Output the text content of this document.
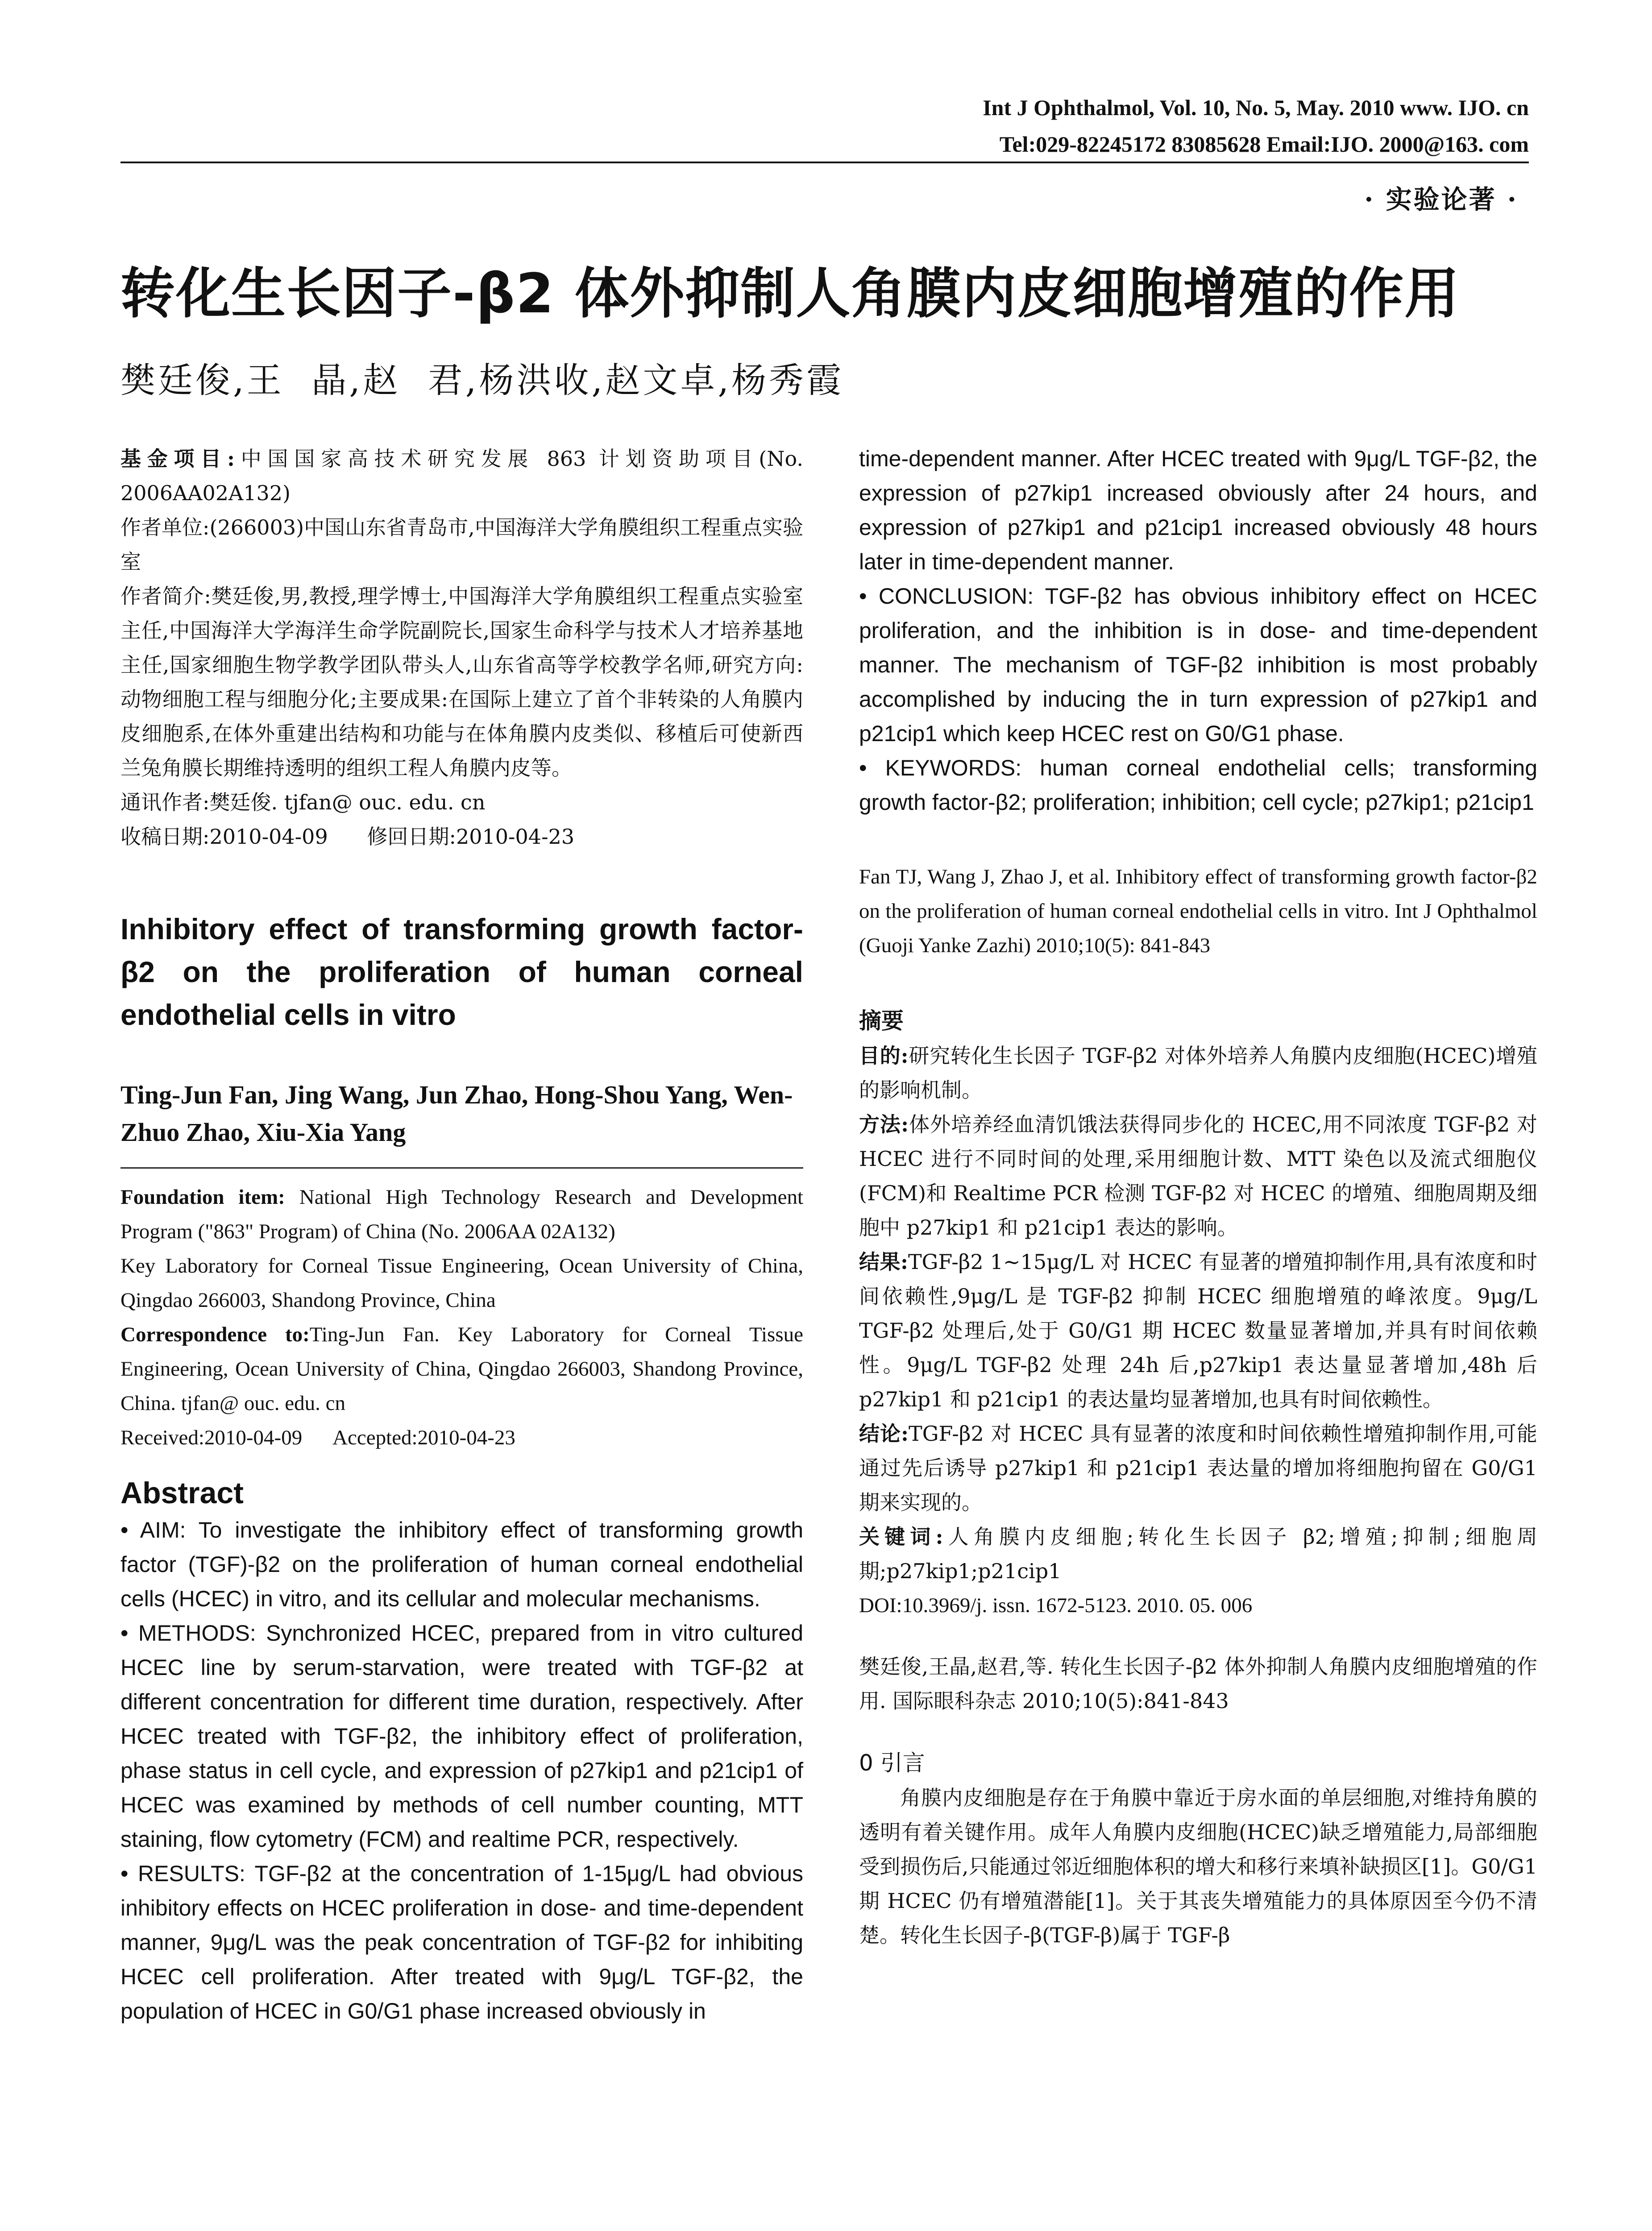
Int J Ophthalmol, Vol. 10, No. 5, May. 2010 www. IJO. cn
Tel:029-82245172 83085628 Email:IJO. 2000@163. com
· 实验论著 ·
转化生长因子-β2 体外抑制人角膜内皮细胞增殖的作用
樊廷俊,王  晶,赵  君,杨洪收,赵文卓,杨秀霞

基金项目:中国国家高技术研究发展 863 计划资助项目(No. 2006AA02A132)

作者单位:(266003)中国山东省青岛市,中国海洋大学角膜组织工程重点实验室

作者简介:樊廷俊,男,教授,理学博士,中国海洋大学角膜组织工程重点实验室主任,中国海洋大学海洋生命学院副院长,国家生命科学与技术人才培养基地主任,国家细胞生物学教学团队带头人,山东省高等学校教学名师,研究方向:动物细胞工程与细胞分化;主要成果:在国际上建立了首个非转染的人角膜内皮细胞系,在体外重建出结构和功能与在体角膜内皮类似、移植后可使新西兰兔角膜长期维持透明的组织工程人角膜内皮等。

通讯作者:樊廷俊. tjfan@ ouc. edu. cn

收稿日期:2010-04-09      修回日期:2010-04-23

Inhibitory effect of transforming growth factor-β2 on the proliferation of human corneal endothelial cells in vitro

Ting-Jun Fan, Jing Wang, Jun Zhao, Hong-Shou Yang, Wen-Zhuo Zhao, Xiu-Xia Yang

Foundation item: National High Technology Research and Development Program ("863" Program) of China (No. 2006AA 02A132)

Key Laboratory for Corneal Tissue Engineering, Ocean University of China, Qingdao 266003, Shandong Province, China

Correspondence to:Ting-Jun Fan. Key Laboratory for Corneal Tissue Engineering, Ocean University of China, Qingdao 266003, Shandong Province, China. tjfan@ ouc. edu. cn

Received:2010-04-09      Accepted:2010-04-23

Abstract

• AIM: To investigate the inhibitory effect of transforming growth factor (TGF)-β2 on the proliferation of human corneal endothelial cells (HCEC) in vitro, and its cellular and molecular mechanisms.

• METHODS: Synchronized HCEC, prepared from in vitro cultured HCEC line by serum-starvation, were treated with TGF-β2 at different concentration for different time duration, respectively. After HCEC treated with TGF-β2, the inhibitory effect of proliferation, phase status in cell cycle, and expression of p27kip1 and p21cip1 of HCEC was examined by methods of cell number counting, MTT staining, flow cytometry (FCM) and realtime PCR, respectively.

• RESULTS: TGF-β2 at the concentration of 1-15μg/L had obvious inhibitory effects on HCEC proliferation in dose- and time-dependent manner, 9μg/L was the peak concentration of TGF-β2 for inhibiting HCEC cell proliferation. After treated with 9μg/L TGF-β2, the population of HCEC in G0/G1 phase increased obviously in

time-dependent manner. After HCEC treated with 9μg/L TGF-β2, the expression of p27kip1 increased obviously after 24 hours, and expression of p27kip1 and p21cip1 increased obviously 48 hours later in time-dependent manner.

• CONCLUSION: TGF-β2 has obvious inhibitory effect on HCEC proliferation, and the inhibition is in dose- and time-dependent manner. The mechanism of TGF-β2 inhibition is most probably accomplished by inducing the in turn expression of p27kip1 and p21cip1 which keep HCEC rest on G0/G1 phase.

• KEYWORDS: human corneal endothelial cells; transforming growth factor-β2; proliferation; inhibition; cell cycle; p27kip1; p21cip1

Fan TJ, Wang J, Zhao J, et al. Inhibitory effect of transforming growth factor-β2 on the proliferation of human corneal endothelial cells in vitro. Int J Ophthalmol (Guoji Yanke Zazhi) 2010;10(5): 841-843

摘要

目的:研究转化生长因子 TGF-β2 对体外培养人角膜内皮细胞(HCEC)增殖的影响机制。

方法:体外培养经血清饥饿法获得同步化的 HCEC,用不同浓度 TGF-β2 对 HCEC 进行不同时间的处理,采用细胞计数、MTT 染色以及流式细胞仪(FCM)和 Realtime PCR 检测 TGF-β2 对 HCEC 的增殖、细胞周期及细胞中 p27kip1 和 p21cip1 表达的影响。

结果:TGF-β2 1~15μg/L 对 HCEC 有显著的增殖抑制作用,具有浓度和时间依赖性,9μg/L 是 TGF-β2 抑制 HCEC 细胞增殖的峰浓度。9μg/L TGF-β2 处理后,处于 G0/G1 期 HCEC 数量显著增加,并具有时间依赖性。9μg/L TGF-β2 处理 24h 后,p27kip1 表达量显著增加,48h 后 p27kip1 和 p21cip1 的表达量均显著增加,也具有时间依赖性。

结论:TGF-β2 对 HCEC 具有显著的浓度和时间依赖性增殖抑制作用,可能通过先后诱导 p27kip1 和 p21cip1 表达量的增加将细胞拘留在 G0/G1 期来实现的。

关键词:人角膜内皮细胞;转化生长因子 β2;增殖;抑制;细胞周期;p27kip1;p21cip1

DOI:10.3969/j. issn. 1672-5123. 2010. 05. 006

樊廷俊,王晶,赵君,等. 转化生长因子-β2 体外抑制人角膜内皮细胞增殖的作用. 国际眼科杂志 2010;10(5):841-843

0 引言

角膜内皮细胞是存在于角膜中靠近于房水面的单层细胞,对维持角膜的透明有着关键作用。成年人角膜内皮细胞(HCEC)缺乏增殖能力,局部细胞受到损伤后,只能通过邻近细胞体积的增大和移行来填补缺损区[1]。G0/G1 期 HCEC 仍有增殖潜能[1]。关于其丧失增殖能力的具体原因至今仍不清楚。转化生长因子-β(TGF-β)属于 TGF-β
